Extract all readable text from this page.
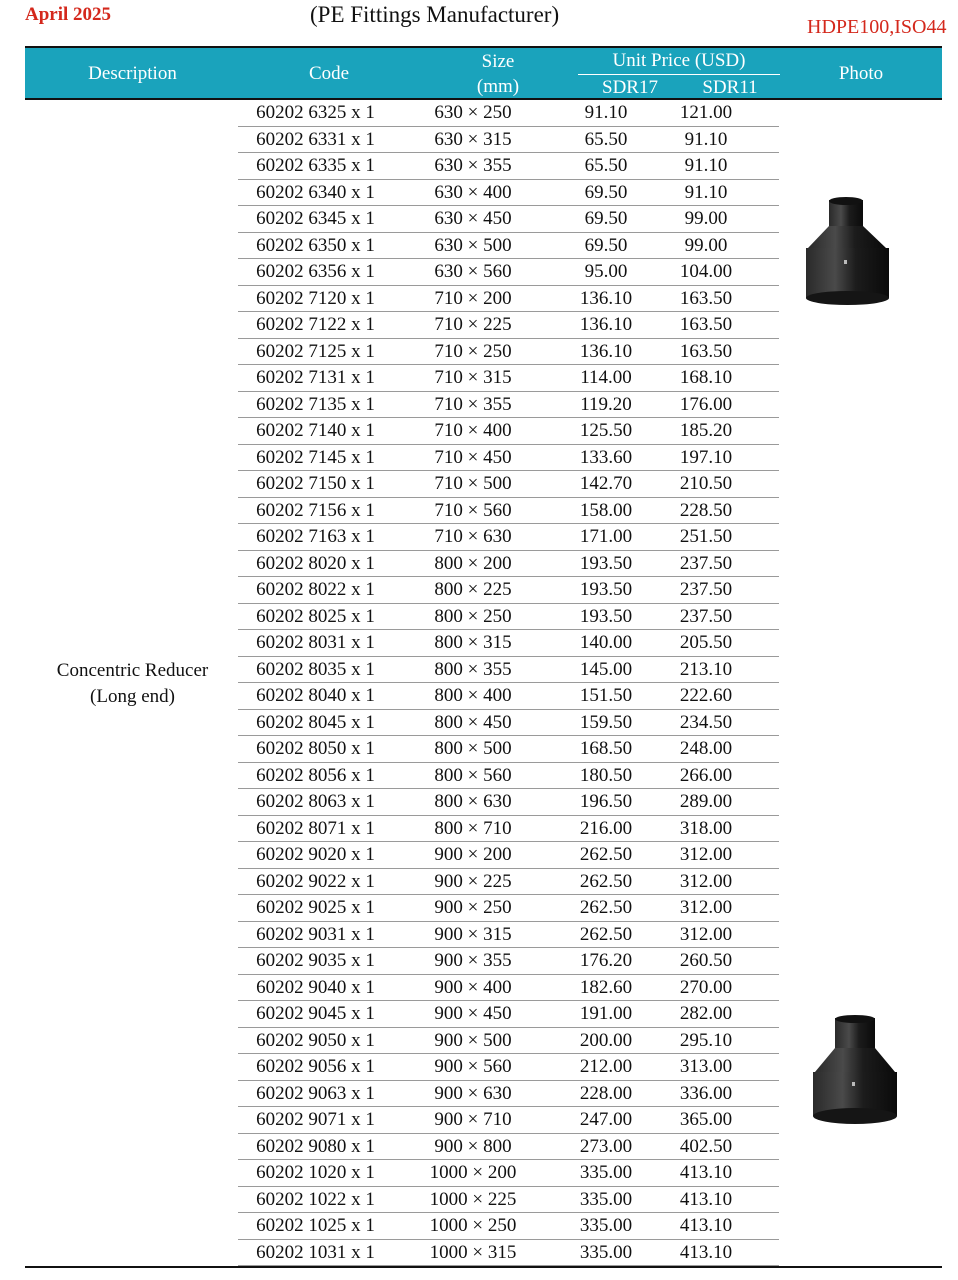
April 2025	(PE Fittings Manufacturer)	HDPE100,ISO44
Description	Code
Size
(mm)
Unit Price (USD)
SDR17	SDR11
Photo
Concentric Reducer
(Long end)
60202 6325 x 1	630 × 250	91.10	121.00
60202 6331 x 1	630 × 315	65.50	91.10
60202 6335 x 1	630 × 355	65.50	91.10
60202 6340 x 1	630 × 400	69.50	91.10
60202 6345 x 1	630 × 450	69.50	99.00
60202 6350 x 1	630 × 500	69.50	99.00
60202 6356 x 1	630 × 560	95.00	104.00
60202 7120 x 1	710 × 200	136.10	163.50
60202 7122 x 1	710 × 225	136.10	163.50
60202 7125 x 1	710 × 250	136.10	163.50
60202 7131 x 1	710 × 315	114.00	168.10
60202 7135 x 1	710 × 355	119.20	176.00
60202 7140 x 1	710 × 400	125.50	185.20
60202 7145 x 1	710 × 450	133.60	197.10
60202 7150 x 1	710 × 500	142.70	210.50
60202 7156 x 1	710 × 560	158.00	228.50
60202 7163 x 1	710 × 630	171.00	251.50
60202 8020 x 1	800 × 200	193.50	237.50
60202 8022 x 1	800 × 225	193.50	237.50
60202 8025 x 1	800 × 250	193.50	237.50
60202 8031 x 1	800 × 315	140.00	205.50
60202 8035 x 1	800 × 355	145.00	213.10
60202 8040 x 1	800 × 400	151.50	222.60
60202 8045 x 1	800 × 450	159.50	234.50
60202 8050 x 1	800 × 500	168.50	248.00
60202 8056 x 1	800 × 560	180.50	266.00
60202 8063 x 1	800 × 630	196.50	289.00
60202 8071 x 1	800 × 710	216.00	318.00
60202 9020 x 1	900 × 200	262.50	312.00
60202 9022 x 1	900 × 225	262.50	312.00
60202 9025 x 1	900 × 250	262.50	312.00
60202 9031 x 1	900 × 315	262.50	312.00
60202 9035 x 1	900 × 355	176.20	260.50
60202 9040 x 1	900 × 400	182.60	270.00
60202 9045 x 1	900 × 450	191.00	282.00
60202 9050 x 1	900 × 500	200.00	295.10
60202 9056 x 1	900 × 560	212.00	313.00
60202 9063 x 1	900 × 630	228.00	336.00
60202 9071 x 1	900 × 710	247.00	365.00
60202 9080 x 1	900 × 800	273.00	402.50
60202 1020 x 1	1000 × 200	335.00	413.10
60202 1022 x 1	1000 × 225	335.00	413.10
60202 1025 x 1	1000 × 250	335.00	413.10
60202 1031 x 1	1000 × 315	335.00	413.10
